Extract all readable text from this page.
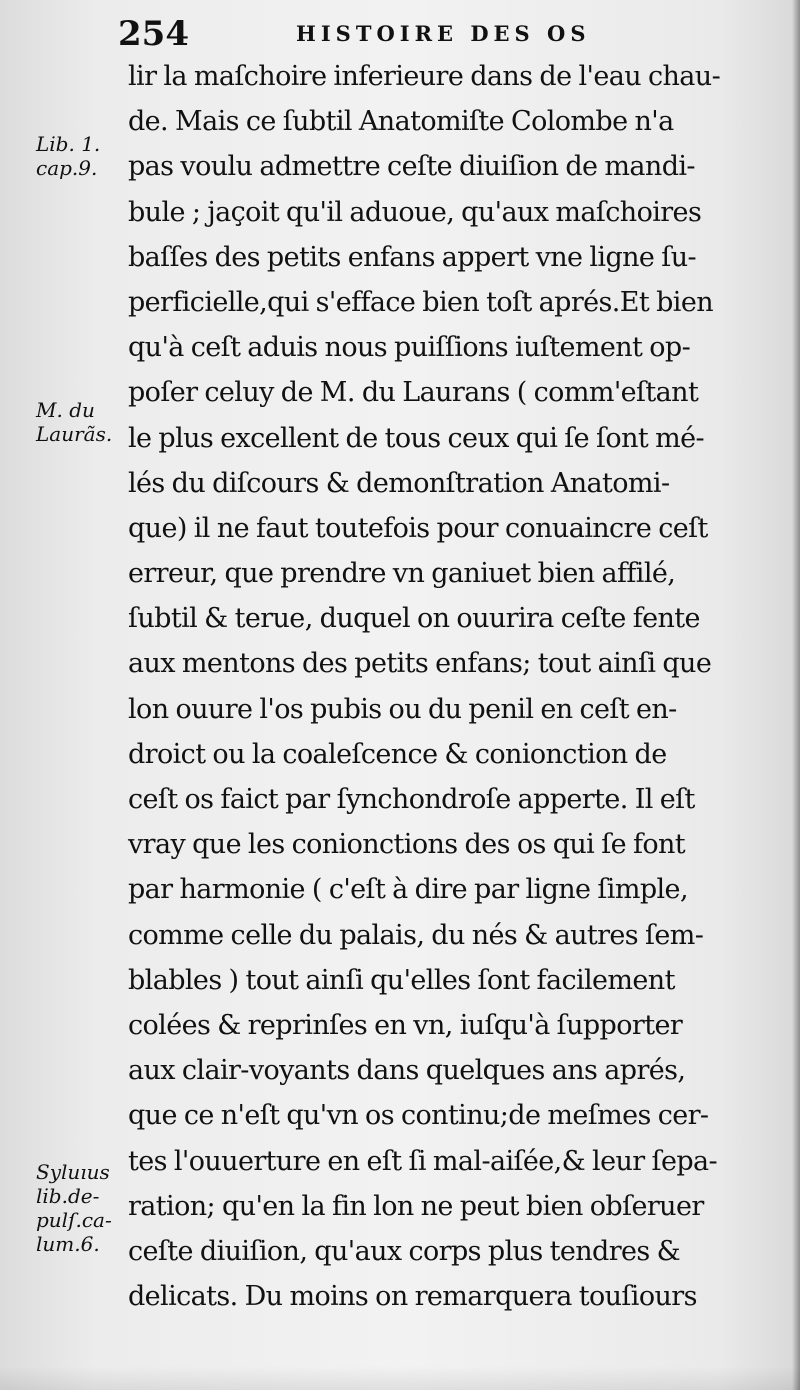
254	HISTOIRE DES OS
Lib. 1.
cap.9.
M. du
Laurãs.
Syluıus
lib.de-
pulſ.ca-
lum.6.
lir la maſchoire inferieure dans de l'eau chau-
de. Mais ce ſubtil Anatomiſte Colombe n'a
pas voulu admettre ceſte diuiſion de mandi-
bule ; jaçoit qu'il aduoue, qu'aux maſchoires
baſſes des petits enfans appert vne ligne ſu-
perficielle,qui s'efface bien toſt aprés.Et bien
qu'à ceſt aduis nous puiſſions iuſtement op-
poſer celuy de M. du Laurans ( comm'eſtant
le plus excellent de tous ceux qui ſe ſont mé-
lés du diſcours & demonſtration Anatomi-
que) il ne faut toutefois pour conuaincre ceſt
erreur, que prendre vn ganiuet bien affilé,
ſubtil & terue, duquel on ouurira ceſte fente
aux mentons des petits enfans; tout ainſi que
lon ouure l'os pubis ou du penil en ceſt en-
droict ou la coaleſcence & conionction de
ceſt os faict par ſynchondroſe apperte. Il eſt
vray que les conionctions des os qui ſe font
par harmonie ( c'eſt à dire par ligne ſimple,
comme celle du palais, du nés & autres ſem-
blables ) tout ainſi qu'elles ſont facilement
colées & reprinſes en vn, iuſqu'à ſupporter
aux clair-voyants dans quelques ans aprés,
que ce n'eſt qu'vn os continu;de meſmes cer-
tes l'ouuerture en eſt ſi mal-aiſée,& leur ſepa-
ration; qu'en la fin lon ne peut bien obſeruer
ceſte diuiſion, qu'aux corps plus tendres &
delicats. Du moins on remarquera touſiours
